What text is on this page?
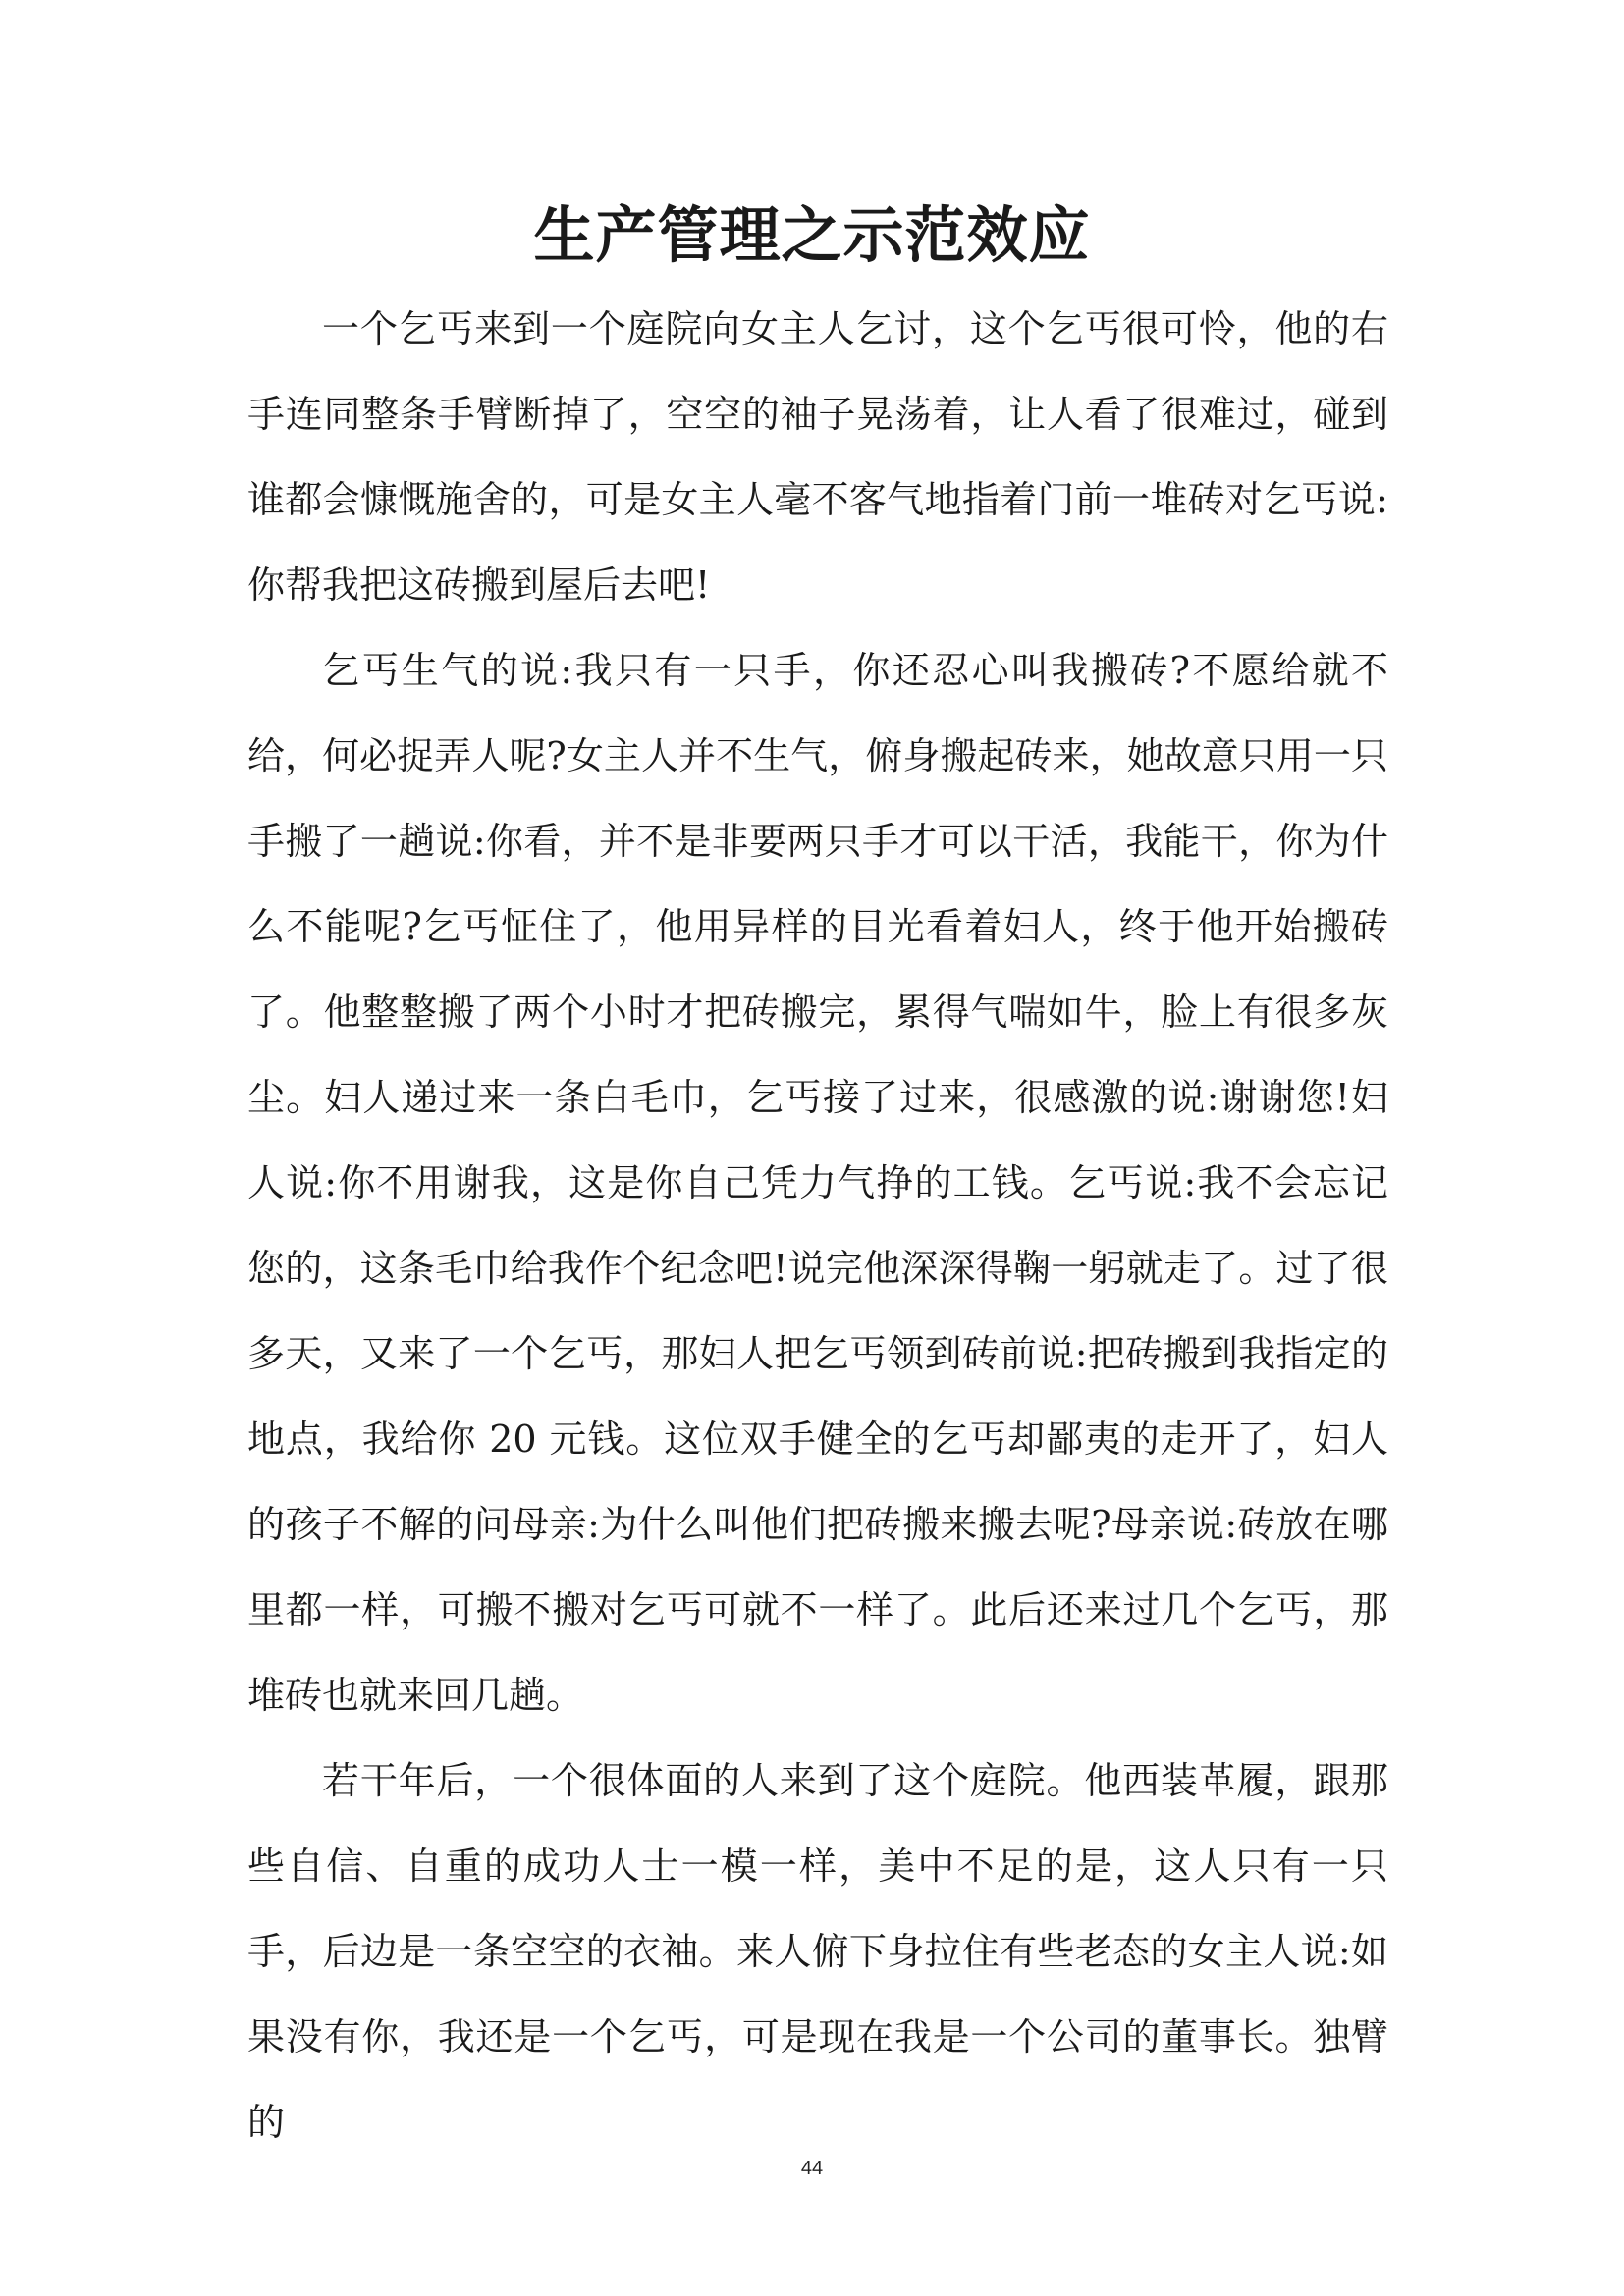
生产管理之示范效应

一个乞丐来到一个庭院向女主人乞讨，这个乞丐很可怜，他的右手连同整条手臂断掉了，空空的袖子晃荡着，让人看了很难过，碰到谁都会慷慨施舍的，可是女主人毫不客气地指着门前一堆砖对乞丐说:你帮我把这砖搬到屋后去吧!

乞丐生气的说:我只有一只手，你还忍心叫我搬砖?不愿给就不给，何必捉弄人呢?女主人并不生气，俯身搬起砖来，她故意只用一只手搬了一趟说:你看，并不是非要两只手才可以干活，我能干，你为什么不能呢?乞丐怔住了，他用异样的目光看着妇人，终于他开始搬砖了。他整整搬了两个小时才把砖搬完，累得气喘如牛，脸上有很多灰尘。妇人递过来一条白毛巾，乞丐接了过来，很感激的说:谢谢您!妇人说:你不用谢我，这是你自己凭力气挣的工钱。乞丐说:我不会忘记您的，这条毛巾给我作个纪念吧!说完他深深得鞠一躬就走了。过了很多天，又来了一个乞丐，那妇人把乞丐领到砖前说:把砖搬到我指定的地点，我给你 20 元钱。这位双手健全的乞丐却鄙夷的走开了，妇人的孩子不解的问母亲:为什么叫他们把砖搬来搬去呢?母亲说:砖放在哪里都一样，可搬不搬对乞丐可就不一样了。此后还来过几个乞丐，那堆砖也就来回几趟。

若干年后，一个很体面的人来到了这个庭院。他西装革履，跟那些自信、自重的成功人士一模一样，美中不足的是，这人只有一只手，后边是一条空空的衣袖。来人俯下身拉住有些老态的女主人说:如果没有你，我还是一个乞丐，可是现在我是一个公司的董事长。独臂的

44
